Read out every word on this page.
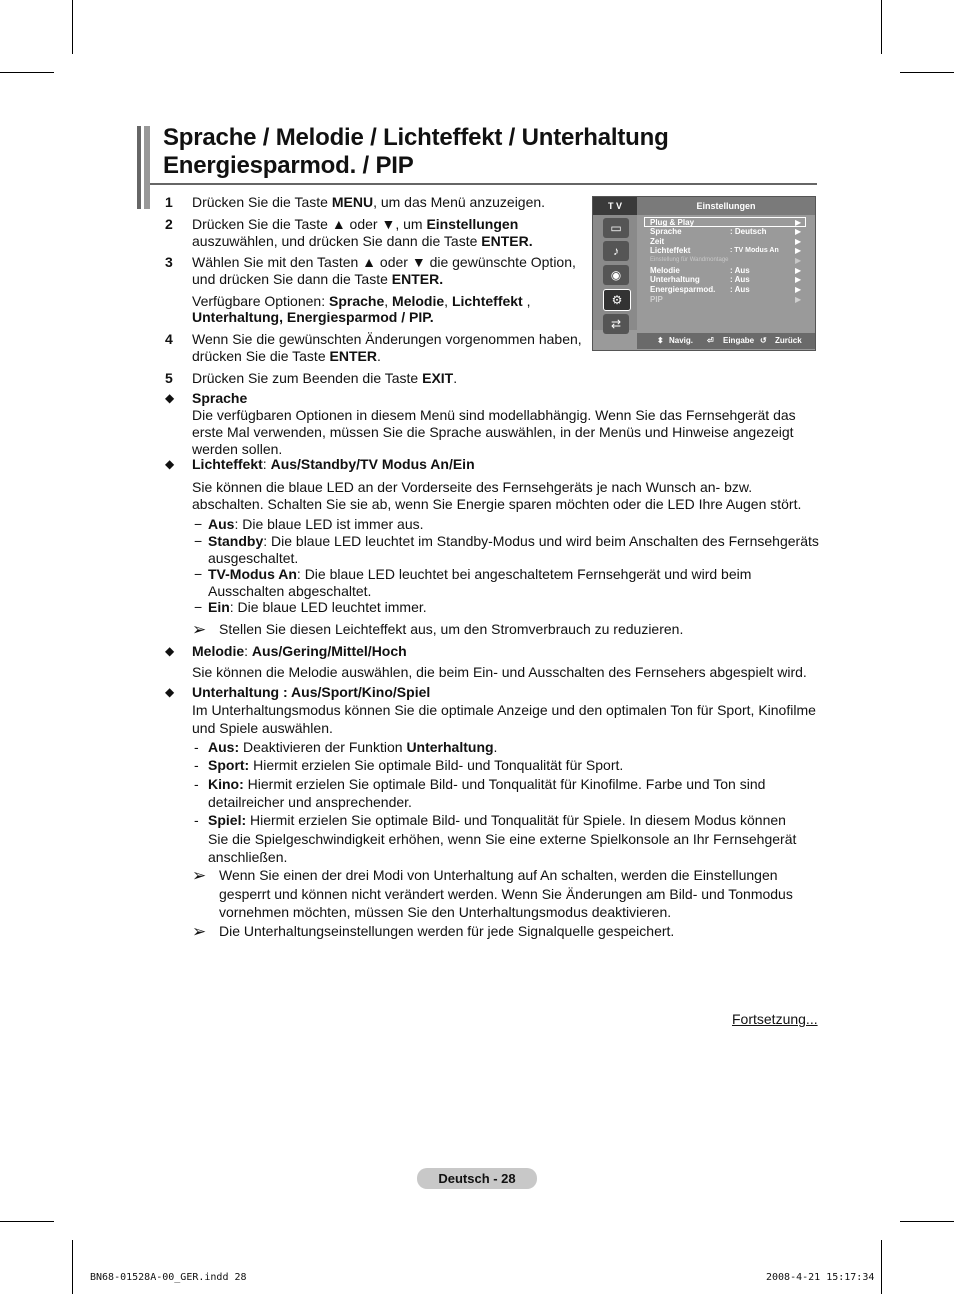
Sprache / Melodie / Lichteffekt / Unterhaltung
Energiesparmod. / PIP
1 Drücken Sie die Taste MENU, um das Menü anzuzeigen.
2 Drücken Sie die Taste ▲ oder ▼, um Einstellungen
auszuwählen, und drücken Sie dann die Taste ENTER.
3 Wählen Sie mit den Tasten ▲ oder ▼ die gewünschte Option,
und drücken Sie dann die Taste ENTER.
Verfügbare Optionen: Sprache, Melodie, Lichteffekt ,
Unterhaltung, Energiesparmod / PIP.
4 Wenn Sie die gewünschten Änderungen vorgenommen haben,
drücken Sie die Taste ENTER.
5 Drücken Sie zum Beenden die Taste EXIT.
T V	Einstellungen
▭
♪
◉
⚙
⇄
Plug & Play	▶
Sprache	: Deutsch	▶
Zeit	▶
Lichteffekt	: TV Modus An ▶
Einstellung für Wandmontage	▶
Melodie	: Aus	▶
Unterhaltung	: Aus	▶
Energiesparmod. : Aus	▶
PIP	▶
⬍ Navig. ⏎ Eingabe ↺ Zurück
◆ Sprache
Die verfügbaren Optionen in diesem Menü sind modellabhängig. Wenn Sie das Fernsehgerät das
erste Mal verwenden, müssen Sie die Sprache auswählen, in der Menüs und Hinweise angezeigt
werden sollen.
◆ Lichteffekt: Aus/Standby/TV Modus An/Ein
Sie können die blaue LED an der Vorderseite des Fernsehgeräts je nach Wunsch an- bzw.
abschalten. Schalten Sie sie ab, wenn Sie Energie sparen möchten oder die LED Ihre Augen stört.
− Aus: Die blaue LED ist immer aus.
− Standby: Die blaue LED leuchtet im Standby-Modus und wird beim Anschalten des Fernsehgeräts
ausgeschaltet.
− TV-Modus An: Die blaue LED leuchtet bei angeschaltetem Fernsehgerät und wird beim
Ausschalten abgeschaltet.
− Ein: Die blaue LED leuchtet immer.
➢ Stellen Sie diesen Leichteffekt aus, um den Stromverbrauch zu reduzieren.
◆ Melodie: Aus/Gering/Mittel/Hoch
Sie können die Melodie auswählen, die beim Ein- und Ausschalten des Fernsehers abgespielt wird.
◆ Unterhaltung : Aus/Sport/Kino/Spiel
Im Unterhaltungsmodus können Sie die optimale Anzeige und den optimalen Ton für Sport, Kinofilme
und Spiele auswählen.
- Aus: Deaktivieren der Funktion Unterhaltung.
- Sport: Hiermit erzielen Sie optimale Bild- und Tonqualität für Sport.
- Kino: Hiermit erzielen Sie optimale Bild- und Tonqualität für Kinofilme. Farbe und Ton sind
detailreicher und ansprechender.
- Spiel: Hiermit erzielen Sie optimale Bild- und Tonqualität für Spiele. In diesem Modus können
Sie die Spielgeschwindigkeit erhöhen, wenn Sie eine externe Spielkonsole an Ihr Fernsehgerät
anschließen.
➢ Wenn Sie einen der drei Modi von Unterhaltung auf An schalten, werden die Einstellungen
gesperrt und können nicht verändert werden. Wenn Sie Änderungen am Bild- und Tonmodus
vornehmen möchten, müssen Sie den Unterhaltungsmodus deaktivieren.
➢ Die Unterhaltungseinstellungen werden für jede Signalquelle gespeichert.
Fortsetzung...
Deutsch - 28
BN68-01528A-00_GER.indd 28	2008-4-21 15:17:34
